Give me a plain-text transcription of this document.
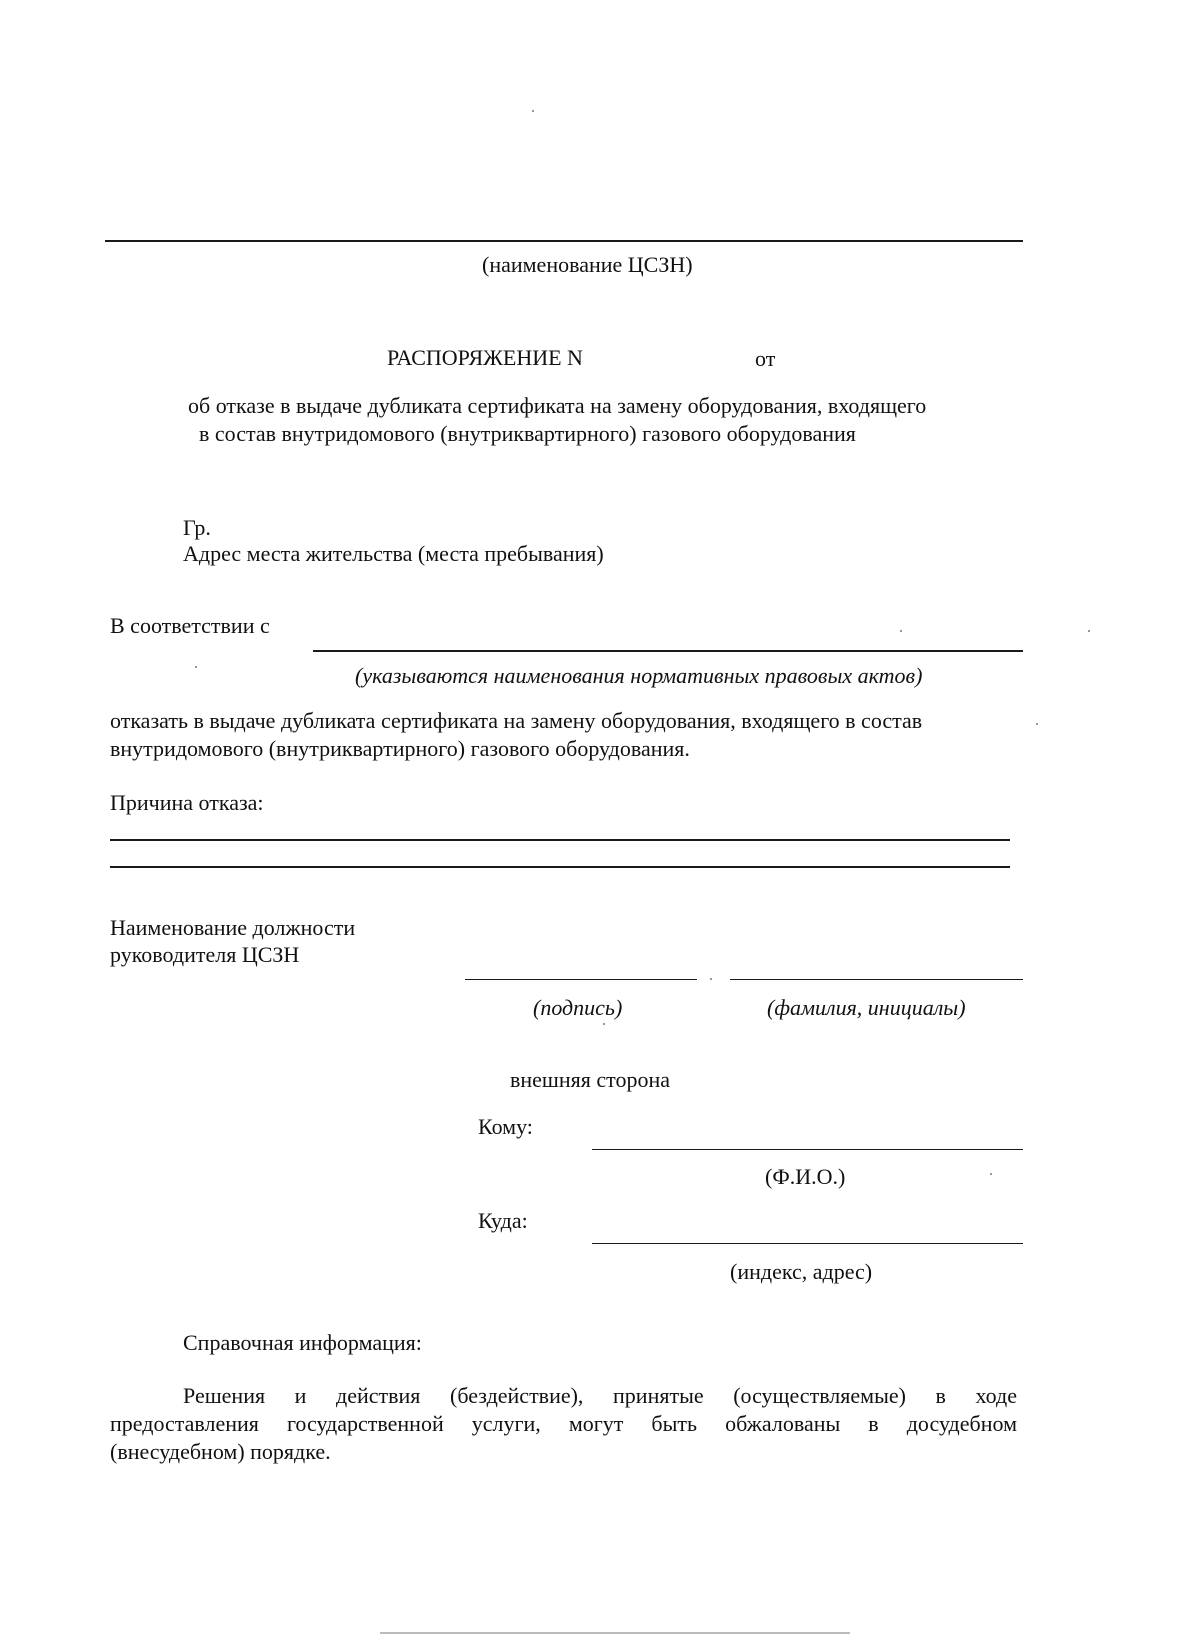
(наименование ЦСЗН)
РАСПОРЯЖЕНИЕ N	от
об отказе в выдаче дубликата сертификата на замену оборудования, входящего
в состав внутридомового (внутриквартирного) газового оборудования
Гр.
Адрес места жительства (места пребывания)
В соответствии с
(указываются наименования нормативных правовых актов)
отказать в выдаче дубликата сертификата на замену оборудования, входящего в состав
внутридомового (внутриквартирного) газового оборудования.
Причина отказа:
Наименование должности
руководителя ЦСЗН
(подпись)	(фамилия, инициалы)
внешняя сторона
Кому:
(Ф.И.О.)
Куда:
(индекс, адрес)
Справочная информация:
Решения и действия (бездействие), принятые (осуществляемые) в ходе
предоставления государственной услуги, могут быть обжалованы в досудебном
(внесудебном) порядке.
